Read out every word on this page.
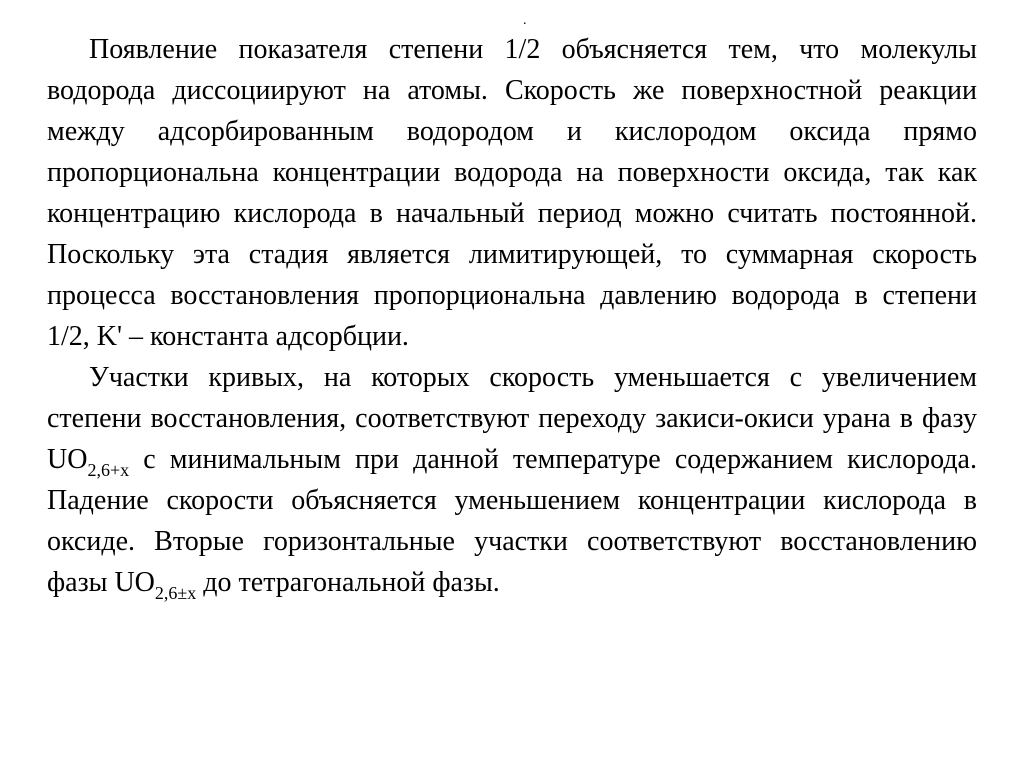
.

Появление показателя степени 1/2 объясняется тем, что молекулы водорода диссоциируют на атомы. Скорость же поверхностной реакции между адсорбированным водородом и кислородом оксида прямо пропорциональна концентрации водорода на поверхности оксида, так как концентрацию кислорода в начальный период можно считать постоянной. Поскольку эта стадия является лимитирующей, то суммарная скорость процесса восстановления пропорциональна давлению водорода в степени 1/2, K' – константа адсорбции.

Участки кривых, на которых скорость уменьшается с увеличением степени восстановления, соответствуют переходу закиси-окиси урана в фазу $UO_{2,6+x}$ с минимальным при данной температуре содержанием кислорода. Падение скорости объясняется уменьшением концентрации кислорода в оксиде. Вторые горизонтальные участки соответствуют восстановлению фазы $UO_{2,6\pm x}$ до тетрагональной фазы.
